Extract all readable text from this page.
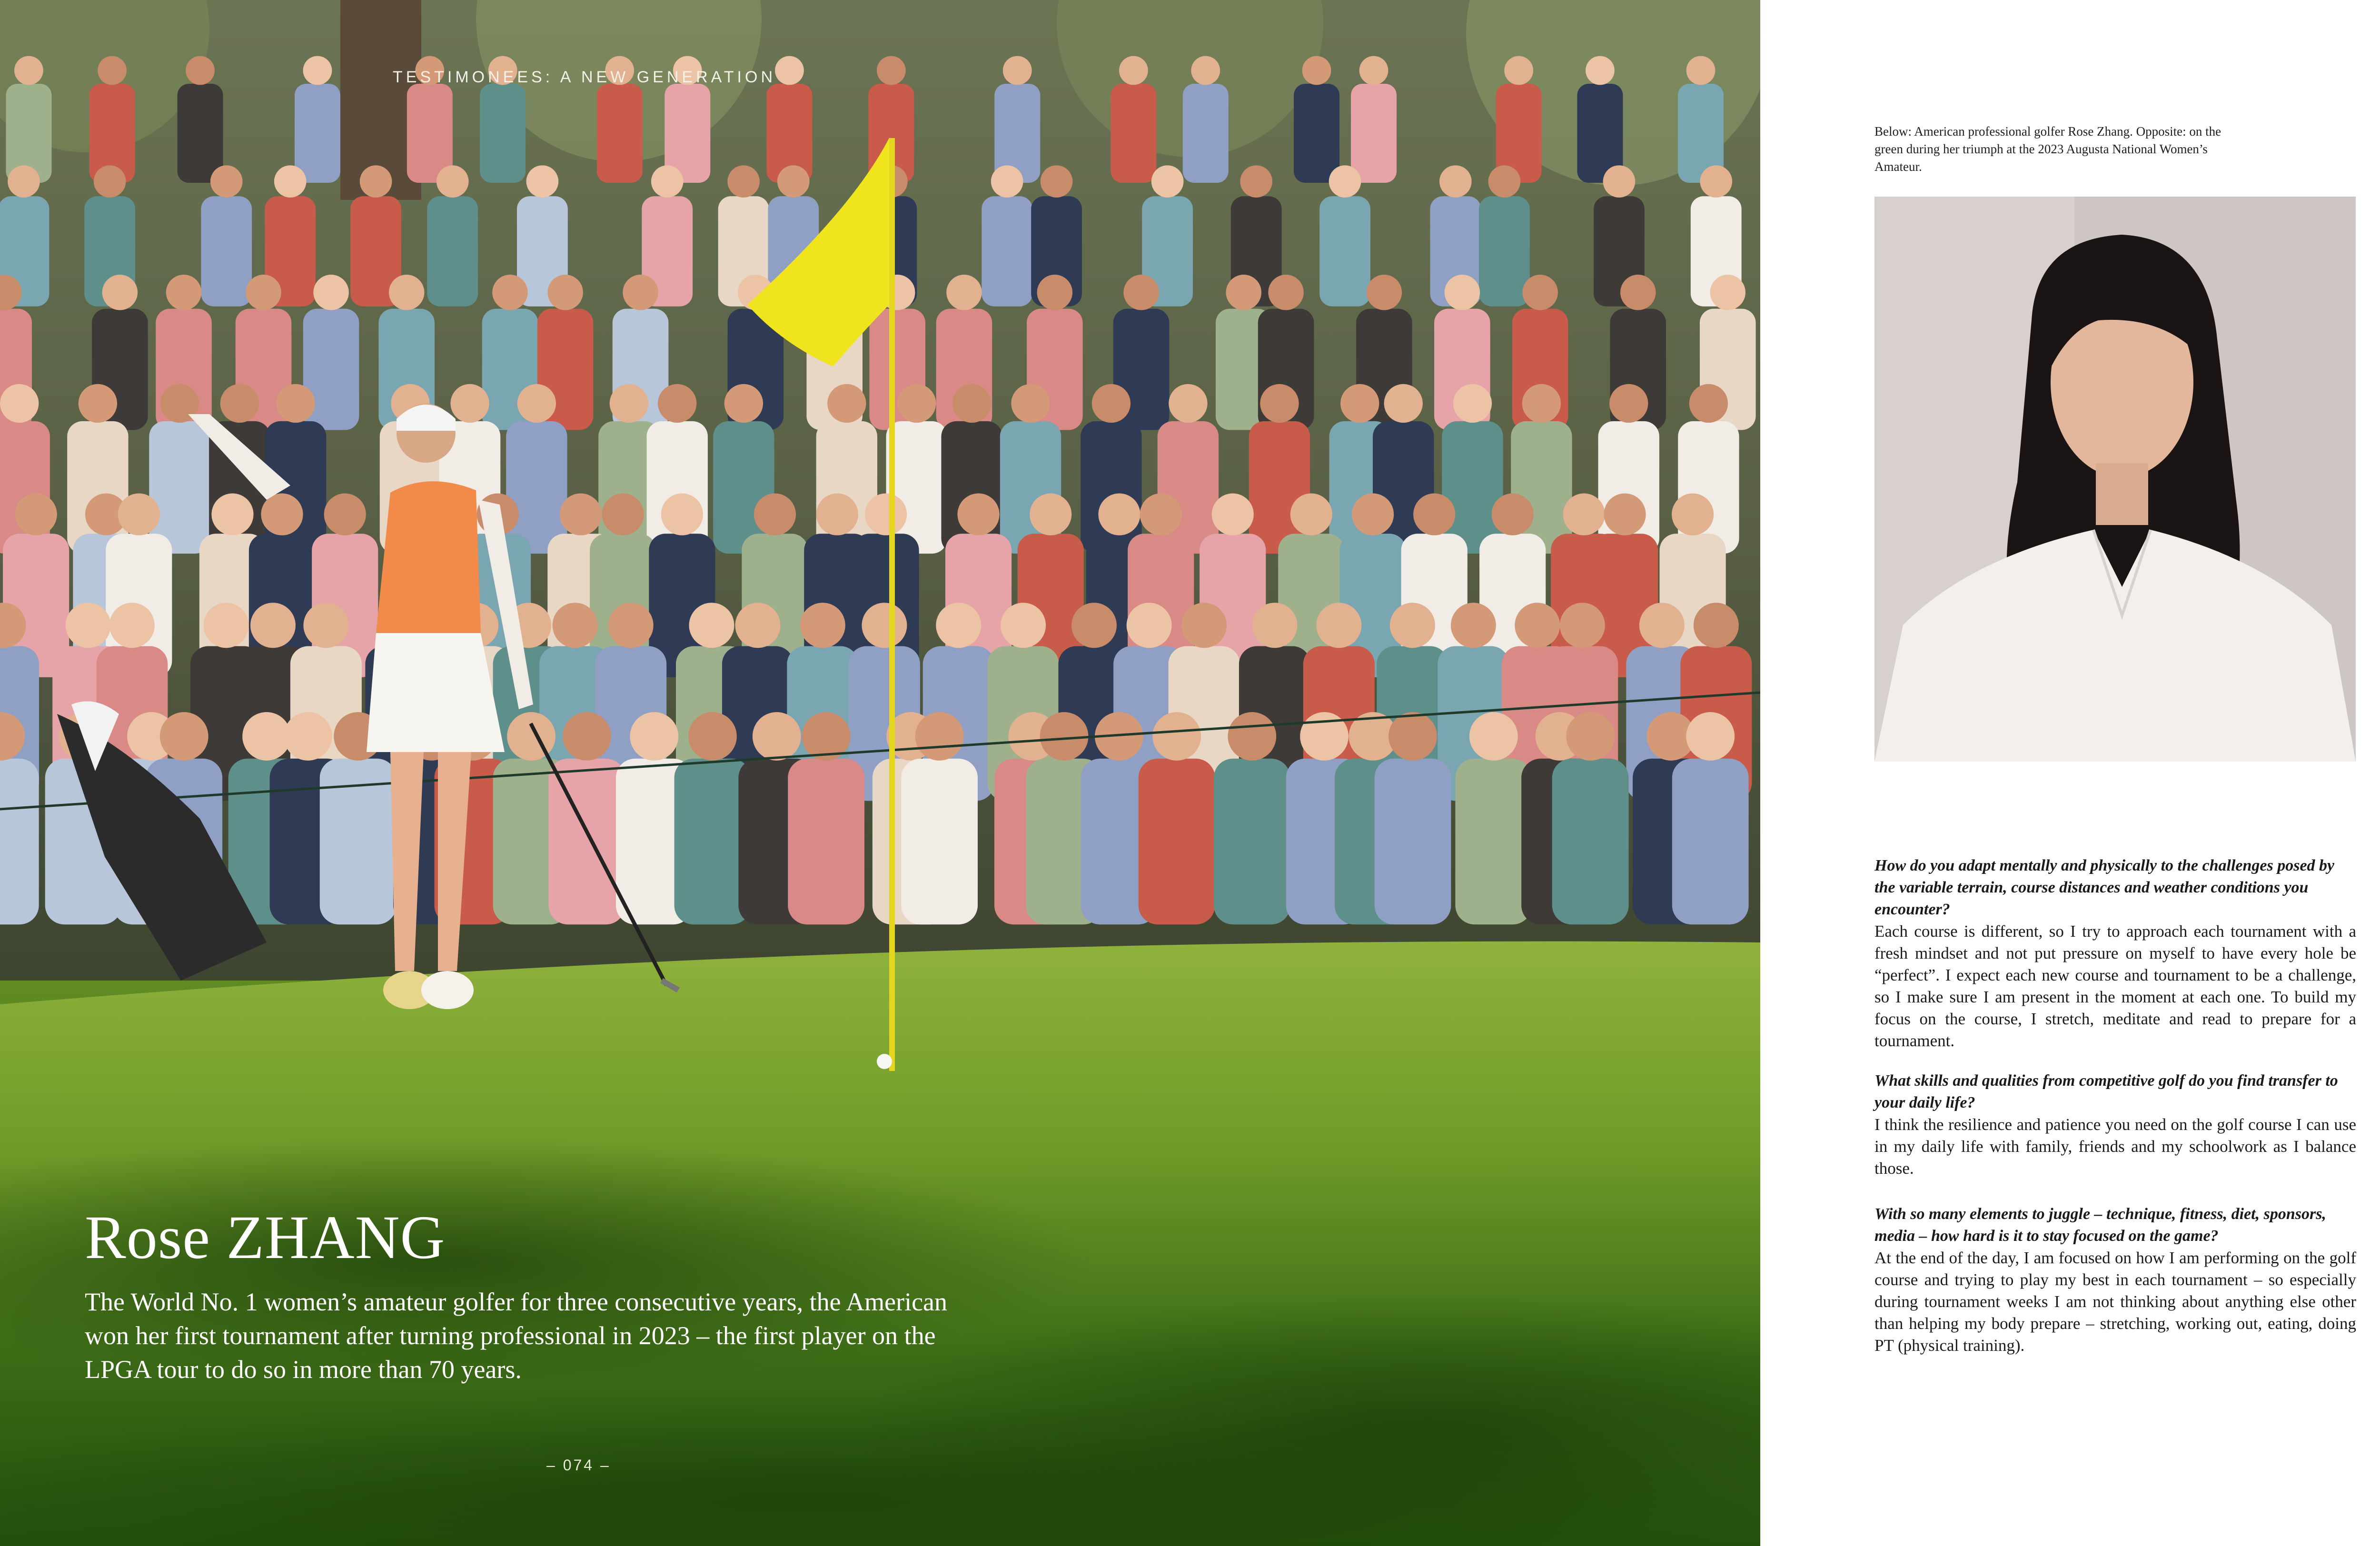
TESTIMONEES: A NEW GENERATION
Rose ZHANG

The World No. 1 women’s amateur golfer for three consecutive years, the American won her first tournament after turning professional in 2023 – the first player on the LPGA tour to do so in more than 70 years.

– 074 –

Below: American professional golfer Rose Zhang. Opposite: on the green during her triumph at the 2023 Augusta National Women’s Amateur.

How do you adapt mentally and physically to the challenges posed by the variable terrain, course distances and weather conditions you encounter?

Each course is different, so I try to approach each tournament with a fresh mindset and not put pressure on myself to have every hole be “perfect”. I expect each new course and tournament to be a challenge, so I make sure I am present in the moment at each one. To build my focus on the course, I stretch, meditate and read to prepare for a tournament.

What skills and qualities from competitive golf do you find transfer to your daily life?

I think the resilience and patience you need on the golf course I can use in my daily life with family, friends and my schoolwork as I balance those.

With so many elements to juggle – technique, fitness, diet, sponsors, media – how hard is it to stay focused on the game?

At the end of the day, I am focused on how I am performing on the golf course and trying to play my best in each tournament – so especially during tournament weeks I am not thinking about anything else other than helping my body prepare – stretching, working out, eating, doing PT (physical training).
